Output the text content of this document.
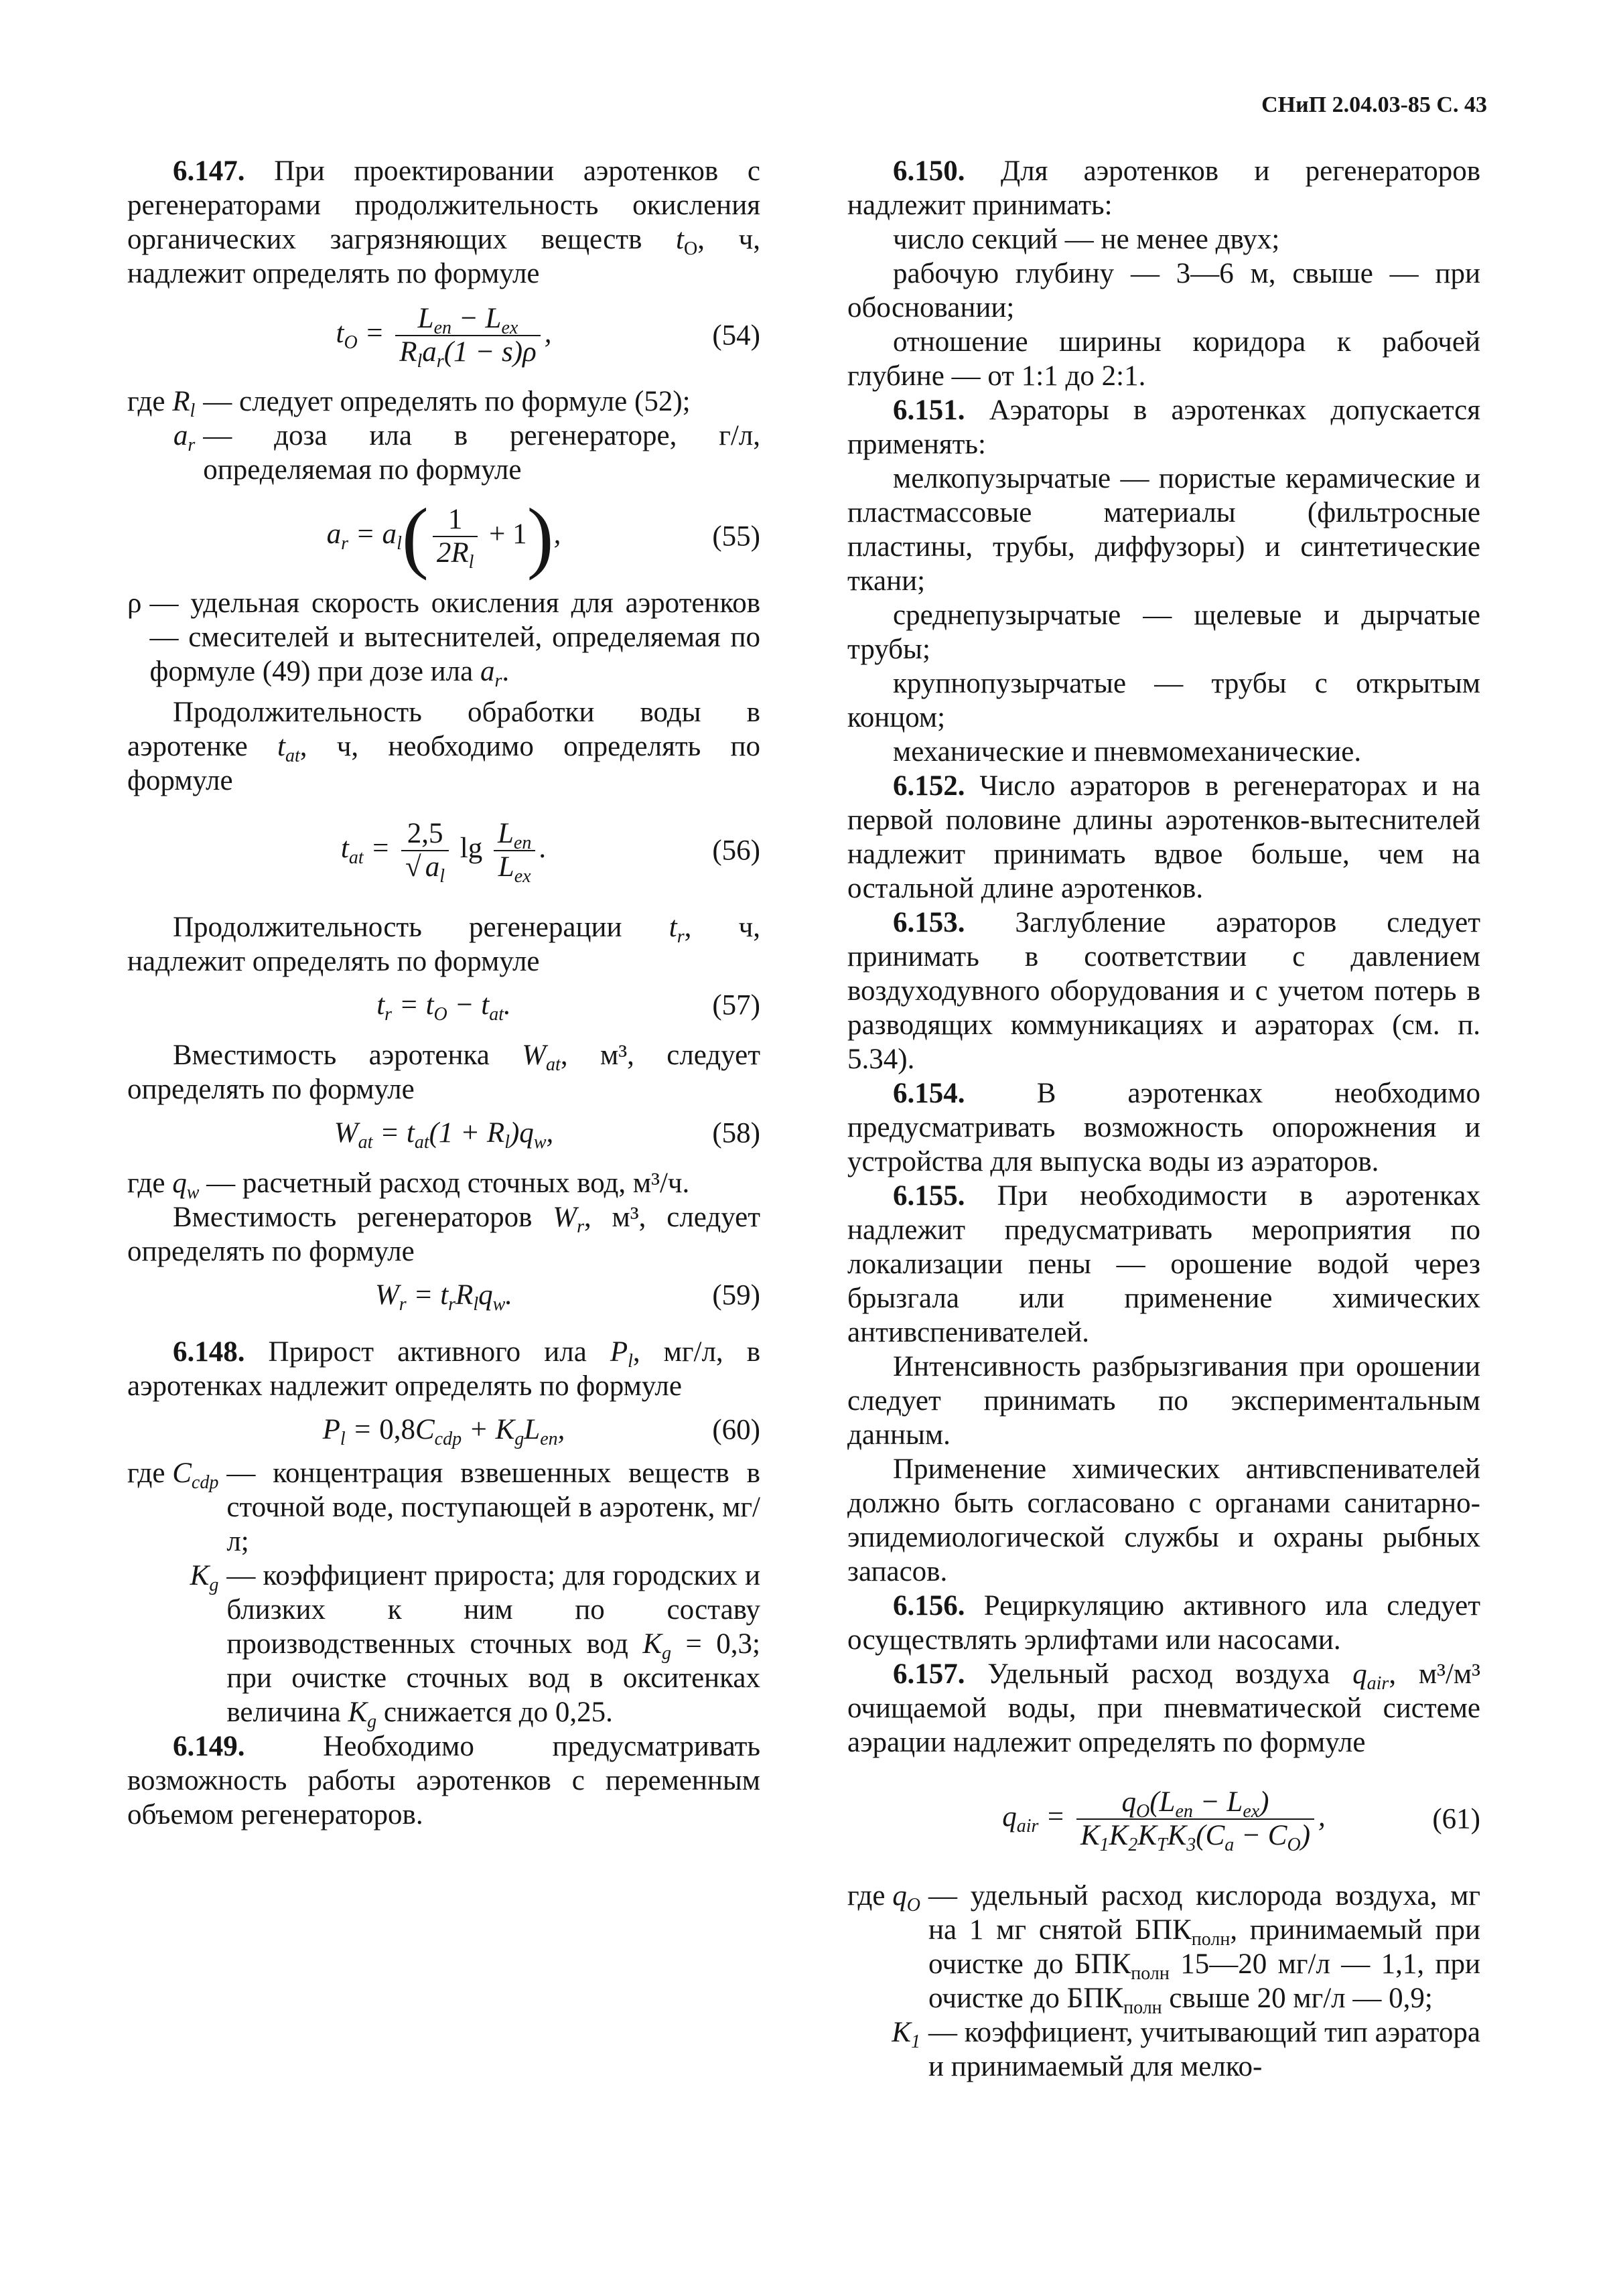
СНиП 2.04.03-85 С. 43

6.147. При проектировании аэротенков с регенераторами продолжительность окисления органических загрязняющих веществ $t_O$, ч, надлежит определять по формуле

$t_O = \frac{L_{en} - L_{ex}}{R_la_r(1 - s)\rho}$ ,	(54)
где $R_l$ — следует определять по формуле (52);
$a_r$ — доза ила в регенераторе, г/л, определяемая по формуле
$a_r = a_l( \frac{1}{2R_l} + 1)$,	(55)
ρ — удельная скорость окисления для аэротенков — смесителей и вытеснителей, определяемая по формуле (49) при дозе ила $a_r$.

Продолжительность обработки воды в аэротенке $t_{at}$, ч, необходимо определять по формуле

$t_{at} = \frac{2,5}{√ a_l}$ $\lg \frac{L_{en}}{L_{ex}}$ .	(56)

Продолжительность регенерации $t_r$, ч, надлежит определять по формуле

$t_r = t_O - t_{at}$.	(57)

Вместимость аэротенка $W_{at}$, м³, следует определять по формуле

$W_{at} = t_{at}(1 + R_l)q_w$,	(58)

где $q_w$ — расчетный расход сточных вод, м³/ч.

Вместимость регенераторов $W_r$, м³, следует определять по формуле

$W_r = t_rR_lq_w$.	(59)

6.148. Прирост активного ила $P_l$, мг/л, в аэротенках надлежит определять по формуле

$P_l = 0,8C_{cdp} + K_gL_{en}$,	(60)
где $C_{cdp}$ — концентрация взвешенных веществ в сточной воде, поступающей в аэротенк, мг/л;
$K_g$ — коэффициент прироста; для городских и близких к ним по составу производственных сточных вод $K_g = 0,3$; при очистке сточных вод в окситенках величина $K_g$ снижается до 0,25.

6.149.	Необходимо предусматривать возможность работы аэротенков с переменным объемом регенераторов.

6.150. Для аэротенков и регенераторов надлежит принимать:

число секций — не менее двух;

рабочую глубину — 3—6 м, свыше — при обосновании;

отношение ширины коридора к рабочей глубине — от 1:1 до 2:1.

6.151. Аэраторы в аэротенках допускается применять:

мелкопузырчатые — пористые керамические и пластмассовые материалы (фильтросные пластины, трубы, диффузоры) и синтетические ткани;

среднепузырчатые — щелевые и дырчатые трубы;

крупнопузырчатые — трубы с открытым концом;

механические и пневмомеханические.

6.152. Число аэраторов в регенераторах и на первой половине длины аэротенков-вытеснителей надлежит принимать вдвое больше, чем на остальной длине аэротенков.

6.153. Заглубление аэраторов следует принимать в соответствии с давлением воздуходувного оборудования и с учетом потерь в разводящих коммуникациях и аэраторах (см. п. 5.34).

6.154. В аэротенках необходимо предусматривать возможность опорожнения и устройства для выпуска воды из аэраторов.

6.155. При необходимости в аэротенках надлежит предусматривать мероприятия по локализации пены — орошение водой через брызгала или применение химических антивспенивателей.

Интенсивность разбрызгивания при орошении следует принимать по экспериментальным данным.

Применение химических антивспенивателей должно быть согласовано с органами санитарно-эпидемиологической службы и охраны рыбных запасов.

6.156. Рециркуляцию активного ила следует осуществлять эрлифтами или насосами.

6.157. Удельный расход воздуха $q_{air}$, м³/м³ очищаемой воды, при пневматической системе аэрации надлежит определять по формуле

$q_{air} = \frac{q_O(L_{en} - L_{ex})}{K_1K_2K_TK_3(C_a - C_O)}$ ,	(61)
где $q_O$ — удельный расход кислорода воздуха, мг на 1 мг снятой $БПК_{полн}$, принимаемый при очистке до $БПК_{полн}$ 15—20 мг/л — 1,1, при очистке до $БПК_{полн}$ свыше 20 мг/л — 0,9;
$K_1$ — коэффициент, учитывающий тип аэратора и принимаемый для мелко-
